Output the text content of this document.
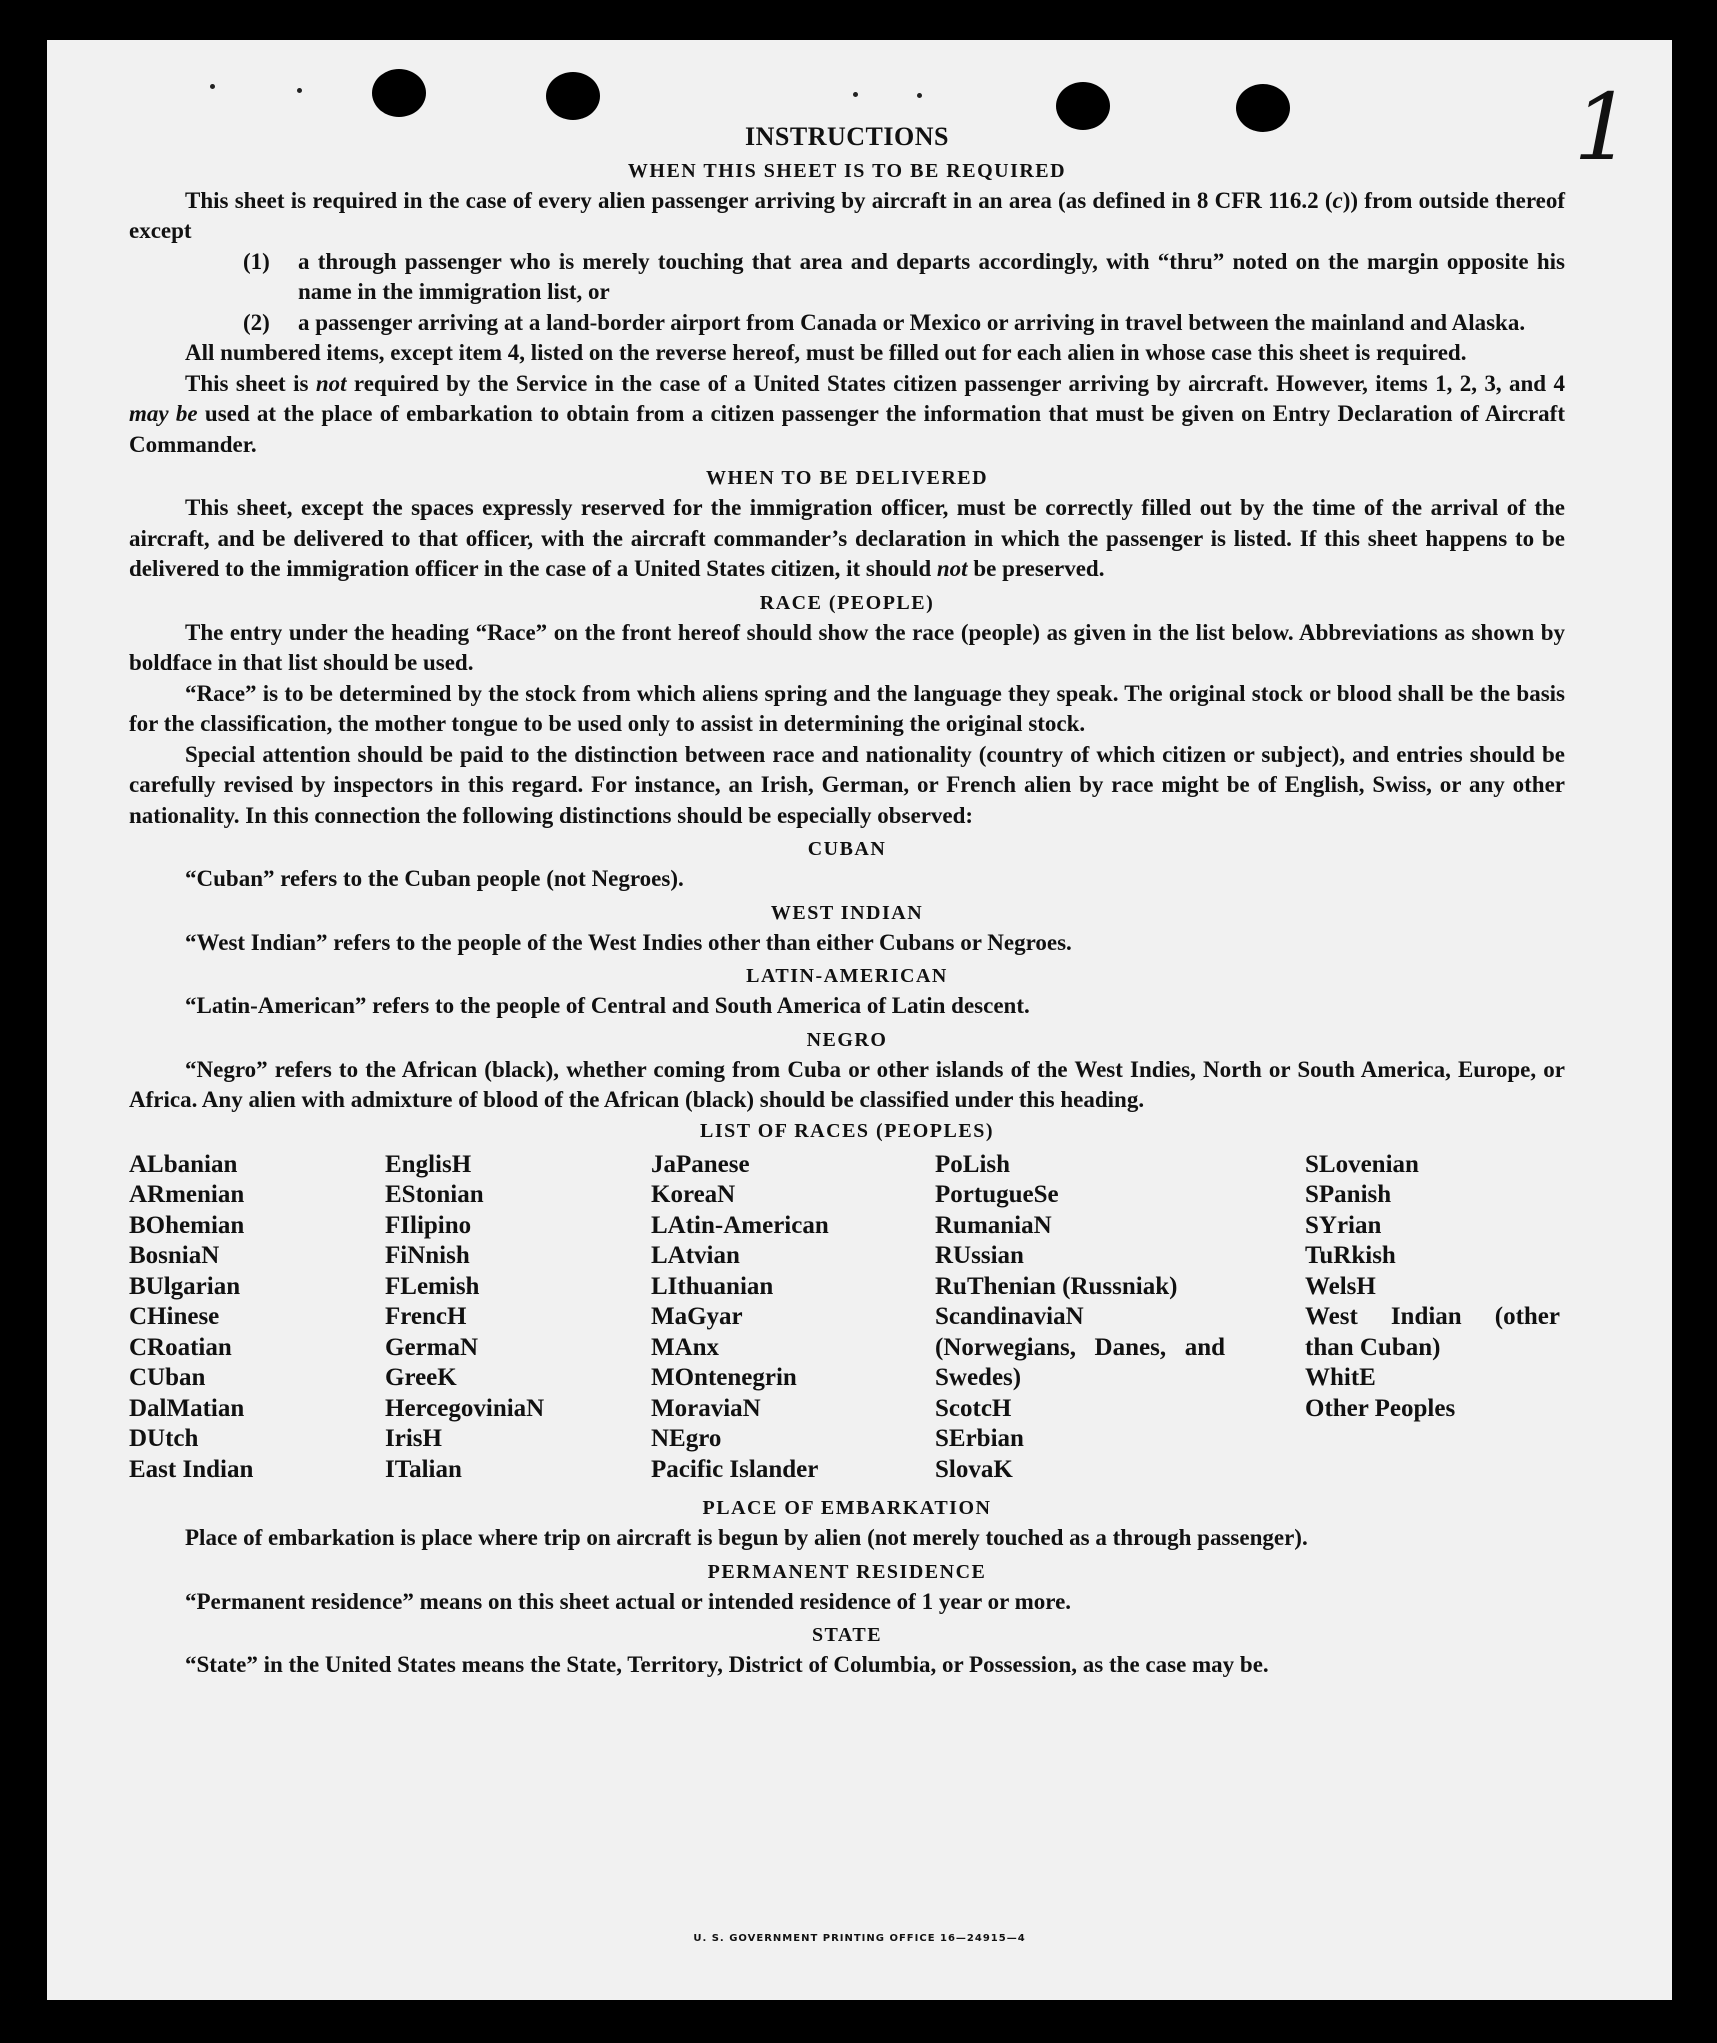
1
INSTRUCTIONS
WHEN THIS SHEET IS TO BE REQUIRED

This sheet is required in the case of every alien passenger arriving by aircraft in an area (as defined in 8 CFR 116.2 (c)) from outside thereof except

(1)	a through passenger who is merely touching that area and departs accordingly, with “thru” noted on the margin opposite his name in the immigration list, or
(2)	a passenger arriving at a land-border airport from Canada or Mexico or arriving in travel between the mainland and Alaska.

All numbered items, except item 4, listed on the reverse hereof, must be filled out for each alien in whose case this sheet is required.

This sheet is not required by the Service in the case of a United States citizen passenger arriving by aircraft. However, items 1, 2, 3, and 4 may be used at the place of embarkation to obtain from a citizen passenger the information that must be given on Entry Declaration of Aircraft Commander.

WHEN TO BE DELIVERED

This sheet, except the spaces expressly reserved for the immigration officer, must be correctly filled out by the time of the arrival of the aircraft, and be delivered to that officer, with the aircraft commander’s declaration in which the passenger is listed. If this sheet happens to be delivered to the immigration officer in the case of a United States citizen, it should not be preserved.

RACE (PEOPLE)

The entry under the heading “Race” on the front hereof should show the race (people) as given in the list below. Abbreviations as shown by boldface in that list should be used.

“Race” is to be determined by the stock from which aliens spring and the language they speak. The original stock or blood shall be the basis for the classification, the mother tongue to be used only to assist in determining the original stock.

Special attention should be paid to the distinction between race and nationality (country of which citizen or subject), and entries should be carefully revised by inspectors in this regard. For instance, an Irish, German, or French alien by race might be of English, Swiss, or any other nationality. In this connection the following distinctions should be especially observed:

CUBAN

“Cuban” refers to the Cuban people (not Negroes).

WEST INDIAN

“West Indian” refers to the people of the West Indies other than either Cubans or Negroes.

LATIN-AMERICAN

“Latin-American” refers to the people of Central and South America of Latin descent.

NEGRO

“Negro” refers to the African (black), whether coming from Cuba or other islands of the West Indies, North or South America, Europe, or Africa. Any alien with admixture of blood of the African (black) should be classified under this heading.

LIST OF RACES (PEOPLES)
ALbanian
ARmenian
BOhemian
BosniaN
BUlgarian
CHinese
CRoatian
CUban
DalMatian
DUtch
East Indian
EnglisH
EStonian
FIlipino
FiNnish
FLemish
FrencH
GermaN
GreeK
HercegoviniaN
IrisH
ITalian
JaPanese
KoreaN
LAtin-American
LAtvian
LIthuanian
MaGyar
MAnx
MOntenegrin
MoraviaN
NEgro
Pacific Islander
PoLish
PortugueSe
RumaniaN
RUssian
RuThenian (Russniak)
ScandinaviaN (Norwegians, Danes, and Swedes)
ScotcH
SErbian
SlovaK
SLovenian
SPanish
SYrian
TuRkish
WelsH
West Indian (other than Cuban)
WhitE
Other Peoples
PLACE OF EMBARKATION

Place of embarkation is place where trip on aircraft is begun by alien (not merely touched as a through passenger).

PERMANENT RESIDENCE

“Permanent residence” means on this sheet actual or intended residence of 1 year or more.

STATE

“State” in the United States means the State, Territory, District of Columbia, or Possession, as the case may be.

U. S. GOVERNMENT PRINTING OFFICE 16—24915—4
